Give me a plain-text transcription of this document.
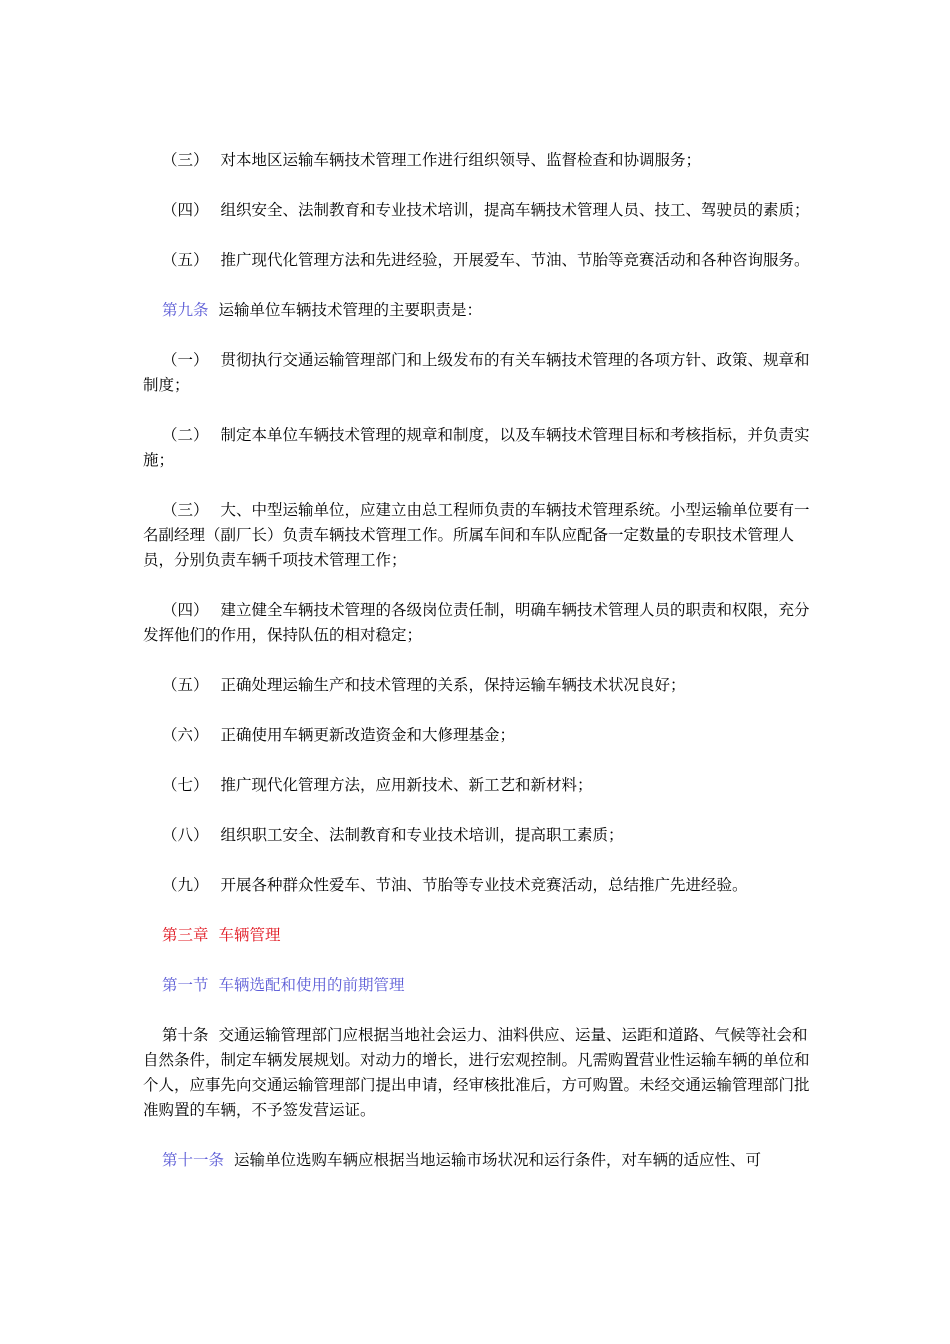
（三） 对本地区运输车辆技术管理工作进行组织领导、监督检查和协调服务；

（四） 组织安全、法制教育和专业技术培训，提高车辆技术管理人员、技工、驾驶员的素质；

（五） 推广现代化管理方法和先进经验，开展爱车、节油、节胎等竞赛活动和各种咨询服务。

第九条 运输单位车辆技术管理的主要职责是：

（一） 贯彻执行交通运输管理部门和上级发布的有关车辆技术管理的各项方针、政策、规章和制度；

（二） 制定本单位车辆技术管理的规章和制度，以及车辆技术管理目标和考核指标，并负责实施；

（三） 大、中型运输单位，应建立由总工程师负责的车辆技术管理系统。小型运输单位要有一名副经理（副厂长）负责车辆技术管理工作。所属车间和车队应配备一定数量的专职技术管理人员，分别负责车辆千项技术管理工作；

（四） 建立健全车辆技术管理的各级岗位责任制，明确车辆技术管理人员的职责和权限，充分发挥他们的作用，保持队伍的相对稳定；

（五） 正确处理运输生产和技术管理的关系，保持运输车辆技术状况良好；

（六） 正确使用车辆更新改造资金和大修理基金；

（七） 推广现代化管理方法，应用新技术、新工艺和新材料；

（八） 组织职工安全、法制教育和专业技术培训，提高职工素质；

（九） 开展各种群众性爱车、节油、节胎等专业技术竞赛活动，总结推广先进经验。

第三章 车辆管理

第一节 车辆选配和使用的前期管理

第十条 交通运输管理部门应根据当地社会运力、油料供应、运量、运距和道路、气候等社会和自然条件，制定车辆发展规划。对动力的增长，进行宏观控制。凡需购置营业性运输车辆的单位和个人，应事先向交通运输管理部门提出申请，经审核批准后，方可购置。未经交通运输管理部门批准购置的车辆，不予签发营运证。

第十一条 运输单位选购车辆应根据当地运输市场状况和运行条件，对车辆的适应性、可
